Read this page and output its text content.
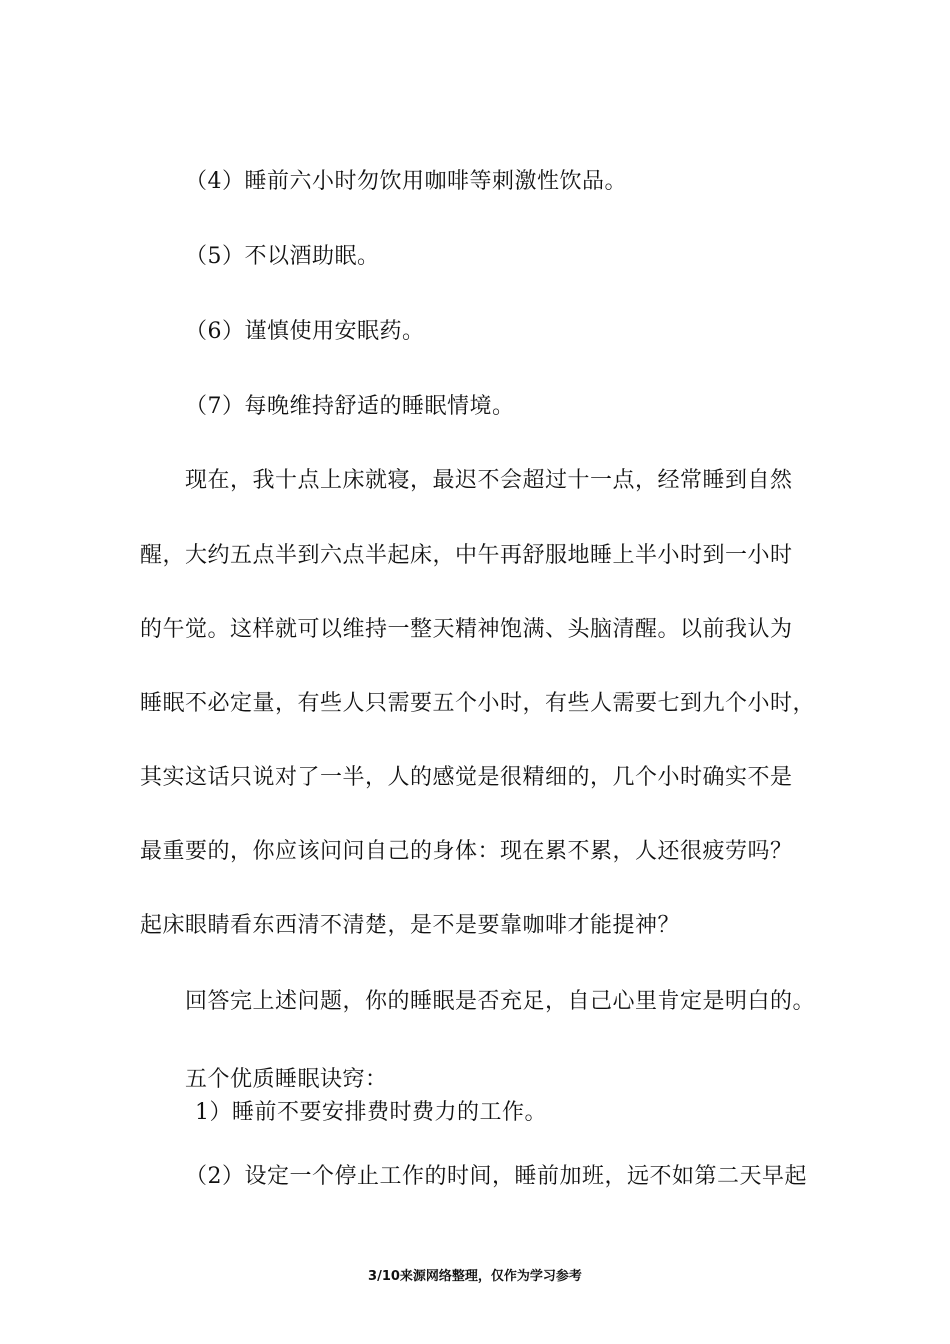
（4）睡前六小时勿饮用咖啡等刺激性饮品。
（5）不以酒助眠。
（6）谨慎使用安眠药。
（7）每晚维持舒适的睡眠情境。
现在，我十点上床就寝，最迟不会超过十一点，经常睡到自然
醒，大约五点半到六点半起床，中午再舒服地睡上半小时到一小时
的午觉。这样就可以维持一整天精神饱满、头脑清醒。以前我认为
睡眠不必定量，有些人只需要五个小时，有些人需要七到九个小时，
其实这话只说对了一半，人的感觉是很精细的，几个小时确实不是
最重要的，你应该问问自己的身体：现在累不累，人还很疲劳吗？
起床眼睛看东西清不清楚，是不是要靠咖啡才能提神？
回答完上述问题，你的睡眠是否充足，自己心里肯定是明白的。
五个优质睡眠诀窍：
1）睡前不要安排费时费力的工作。
（2）设定一个停止工作的时间，睡前加班，远不如第二天早起
3/10来源网络整理，仅作为学习参考
